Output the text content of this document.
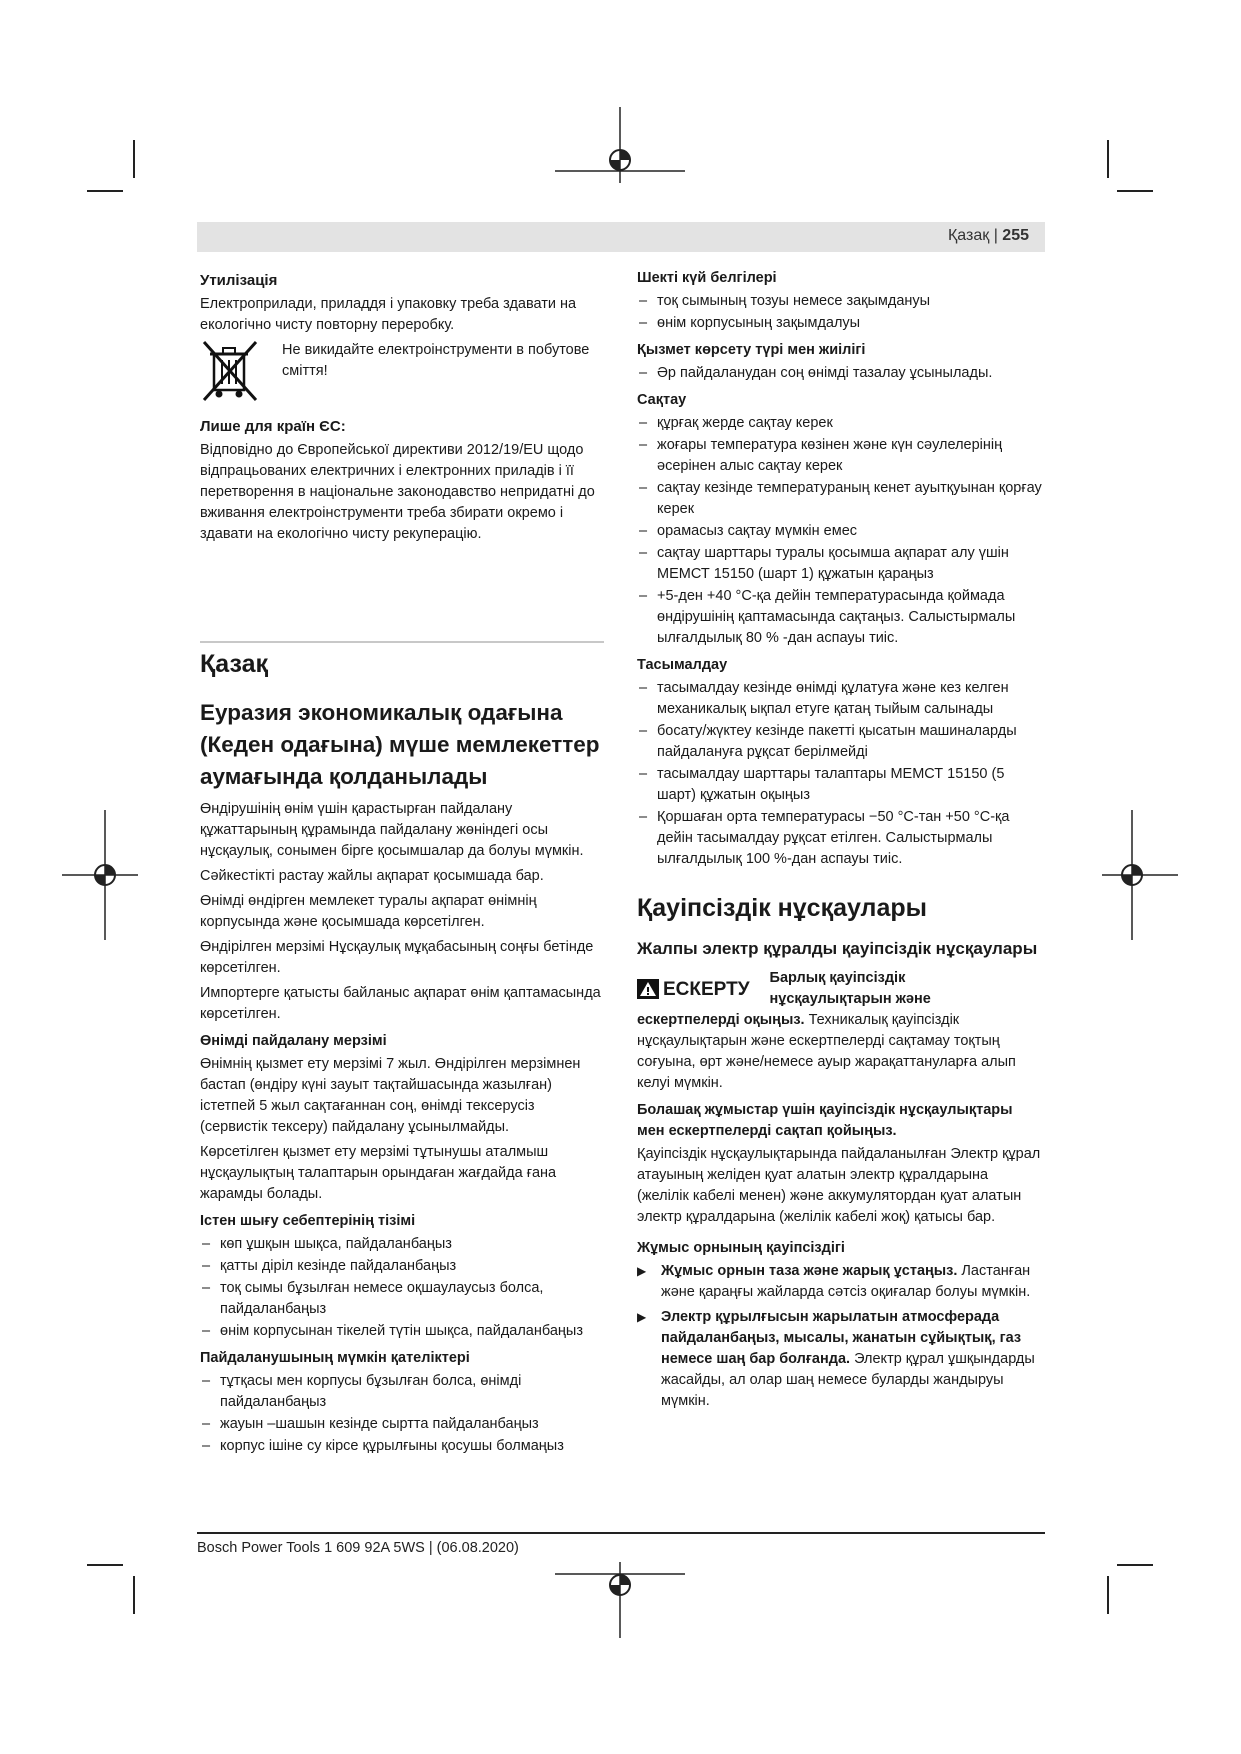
Қазақ | 255
Утилізація

Електроприлади, приладдя і упаковку треба здавати на екологічно чисту повторну переробку.

Не викидайте електроінструменти в побутове сміття!

Лише для країн ЄС:

Відповідно до Європейської директиви 2012/19/EU щодо відпрацьованих електричних і електронних приладів і її перетворення в національне законодавство непридатні до вживання електроінструменти треба збирати окремо і здавати на екологічно чисту рекуперацію.

Қазақ
Еуразия экономикалық одағына (Кеден одағына) мүше мемлекеттер аумағында қолданылады

Өндірушінің өнім үшін қарастырған пайдалану құжаттарының құрамында пайдалану жөніндегі осы нұсқаулық, сонымен бірге қосымшалар да болуы мүмкін.

Сәйкестікті растау жайлы ақпарат қосымшада бар.

Өнімді өндірген мемлекет туралы ақпарат өнімнің корпусында және қосымшада көрсетілген.

Өндірілген мерзімі Нұсқаулық мұқабасының соңғы бетінде көрсетілген.

Импортерге қатысты байланыс ақпарат өнім қаптамасында көрсетілген.

Өнімді пайдалану мерзімі

Өнімнің қызмет ету мерзімі 7 жыл. Өндірілген мерзімнен бастап (өндіру күні зауыт тақтайшасында жазылған) істетпей 5 жыл сақтағаннан соң, өнімді тексерусіз (сервистік тексеру) пайдалану ұсынылмайды.

Көрсетілген қызмет ету мерзімі тұтынушы аталмыш нұсқаулықтың талаптарын орындаған жағдайда ғана жарамды болады.

Істен шығу себептерінің тізімі
– көп ұшқын шықса, пайдаланбаңыз
– қатты діріл кезінде пайдаланбаңыз
– тоқ сымы бұзылған немесе оқшаулаусыз болса, пайдаланбаңыз
– өнім корпусынан тікелей түтін шықса, пайдаланбаңыз
Пайдаланушының мүмкін қателіктері
– тұтқасы мен корпусы бұзылған болса, өнімді пайдаланбаңыз
– жауын –шашын кезінде сыртта пайдаланбаңыз
– корпус ішіне су кірсе құрылғыны қосушы болмаңыз
Шекті күй белгілері
– тоқ сымының тозуы немесе зақымдануы
– өнім корпусының зақымдалуы
Қызмет көрсету түрі мен жиілігі
– Әр пайдаланудан соң өнімді тазалау ұсынылады.
Сақтау
– құрғақ жерде сақтау керек
– жоғары температура көзінен және күн сәулелерінің әсерінен алыс сақтау керек
– сақтау кезінде температураның кенет ауытқуынан қорғау керек
– орамасыз сақтау мүмкін емес
– сақтау шарттары туралы қосымша ақпарат алу үшін МЕМСТ 15150 (шарт 1) құжатын қараңыз
– +5-ден +40 °C-қа дейін температурасында қоймада өндірушінің қаптамасында сақтаңыз. Салыстырмалы ылғалдылық 80 % -дан аспауы тиіс.
Тасымалдау
– тасымалдау кезінде өнімді құлатуға және кез келген механикалық ықпал етуге қатаң тыйым салынады
– босату/жүктеу кезінде пакетті қысатын машиналарды пайдалануға рұқсат берілмейді
– тасымалдау шарттары талаптары МЕМСТ 15150 (5 шарт) құжатын оқыңыз
– Қоршаған орта температурасы −50 °C-тан +50 °C-қа дейін тасымалдау рұқсат етілген. Салыстырмалы ылғалдылық 100 %-дан аспауы тиіс.
Қауіпсіздік нұсқаулары
Жалпы электр құралды қауіпсіздік нұсқаулары
ЕСКЕРТУ
Барлық қауіпсіздік нұсқаулықтарын және

ескертпелерді оқыңыз. Техникалық қауіпсіздік нұсқаулықтарын және ескертпелерді сақтамау тоқтың соғуына, өрт және/немесе ауыр жарақаттануларға алып келуі мүмкін.

Болашақ жұмыстар үшін қауіпсіздік нұсқаулықтары мен ескертпелерді сақтап қойыңыз.

Қауіпсіздік нұсқаулықтарында пайдаланылған Электр құрал атауының желіден қуат алатын электр құралдарына (желілік кабелі менен) және аккумулятордан қуат алатын электр құралдарына (желілік кабелі жоқ) қатысы бар.

Жұмыс орнының қауіпсіздігі
▶ Жұмыс орнын таза және жарық ұстаңыз. Ластанған және қараңғы жайларда сәтсіз оқиғалар болуы мүмкін.
▶ Электр құрылғысын жарылатын атмосферада пайдаланбаңыз, мысалы, жанатын сұйықтық, газ немесе шаң бар болғанда. Электр құрал ұшқындарды жасайды, ал олар шаң немесе буларды жандыруы мүмкін.
Bosch Power Tools 1 609 92A 5WS | (06.08.2020)
